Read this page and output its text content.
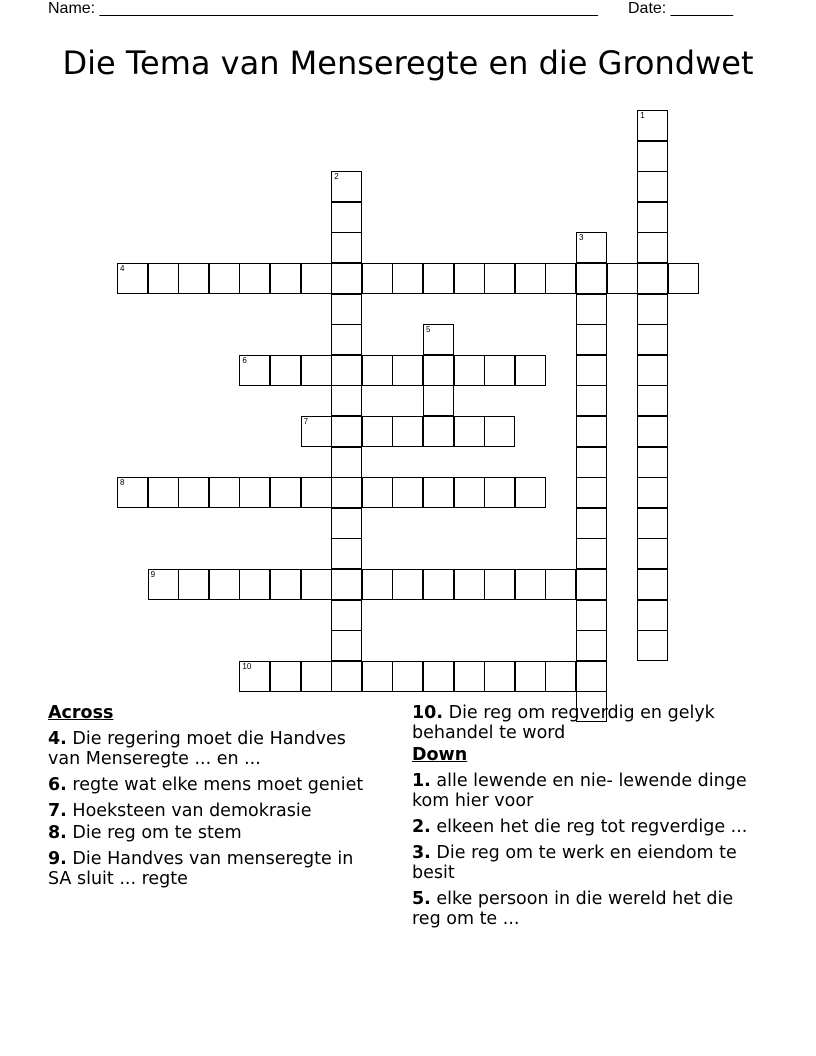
Name: ________________________________________________________ Date: _______
Die Tema van Menseregte en die Grondwet
1
2
3
4
5
6
7
8
9
10
Across
4. Die regering moet die Handves van Menseregte ... en ...
6. regte wat elke mens moet geniet
7. Hoeksteen van demokrasie
8. Die reg om te stem
9. Die Handves van menseregte in SA sluit ... regte
10. Die reg om regverdig en gelyk behandel te word
Down
1. alle lewende en nie- lewende dinge kom hier voor
2. elkeen het die reg tot regverdige ...
3. Die reg om te werk en eiendom te besit
5. elke persoon in die wereld het die reg om te ...
